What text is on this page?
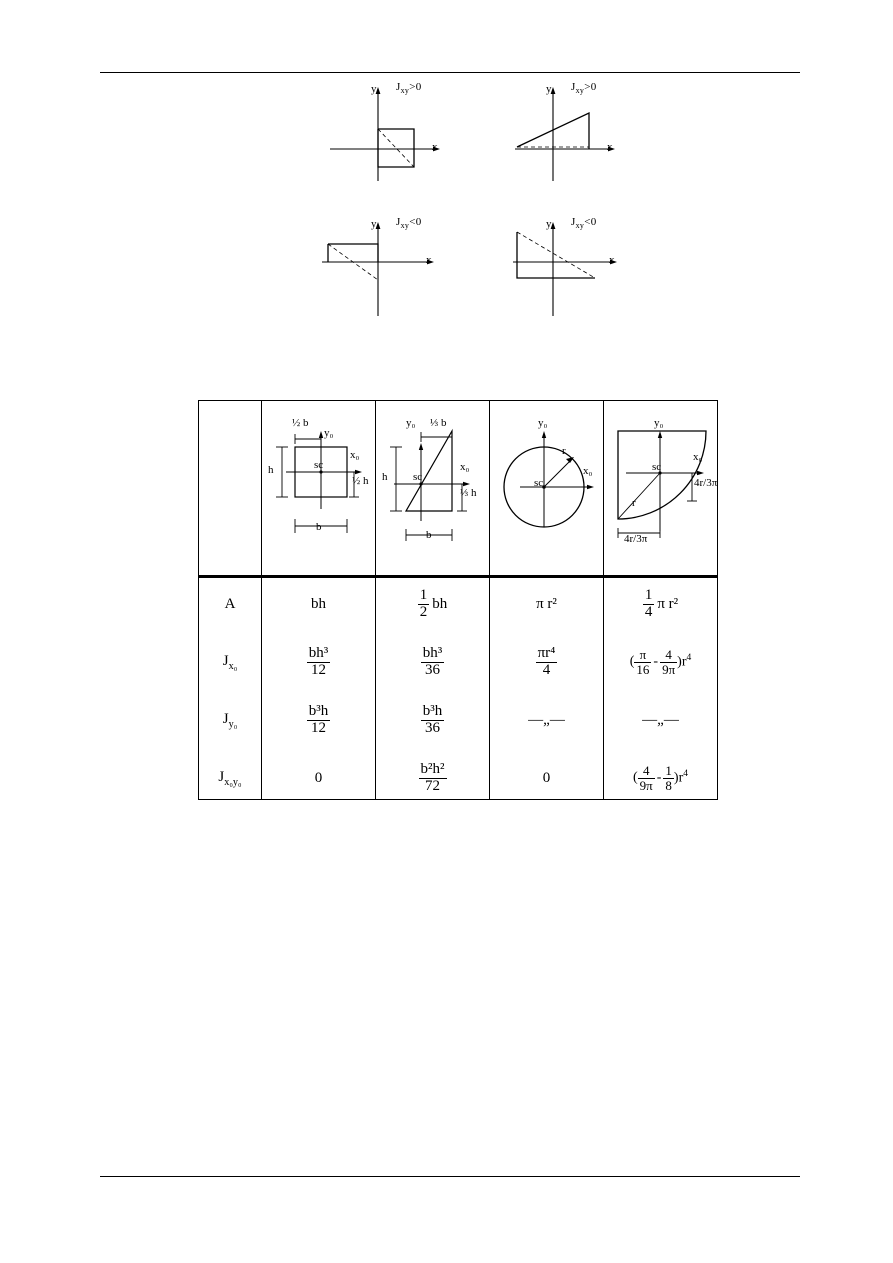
y
x
$J_{xy}>0$	y
x
$J_{xy}>0$
y
x
$J_{xy}<0$	y
x
$J_{xy}<0$
sc
y₀
x₀
b
h
½ b
½ h	sc
y₀
x₀
b
h
⅓ b
⅓ h
sc
y₀
x₀
r
sc
y₀
x₀
r
4r/3π
4r/3π
A	bh	$\frac{1}{2}$ bh	π r²	$\frac{1}{4}$ π r²
$J_{x_0}$	$\frac{\text{bh³}}{12}$	$\frac{\text{bh³}}{36}$	$\frac{\text{πr⁴}}{4}$	( $\frac{\pi}{16} - \frac{4}{9\pi} )r^4$
$J_{y_0}$	$\frac{\text{b³h}}{12}$	$\frac{\text{b³h}}{36}$	—„—	—„—
$J_{x_0y_0}$	0	$\frac{\text{b²h²}}{72}$	0	( $\frac{4}{9\pi} - \frac{1}{8} )r^4$
